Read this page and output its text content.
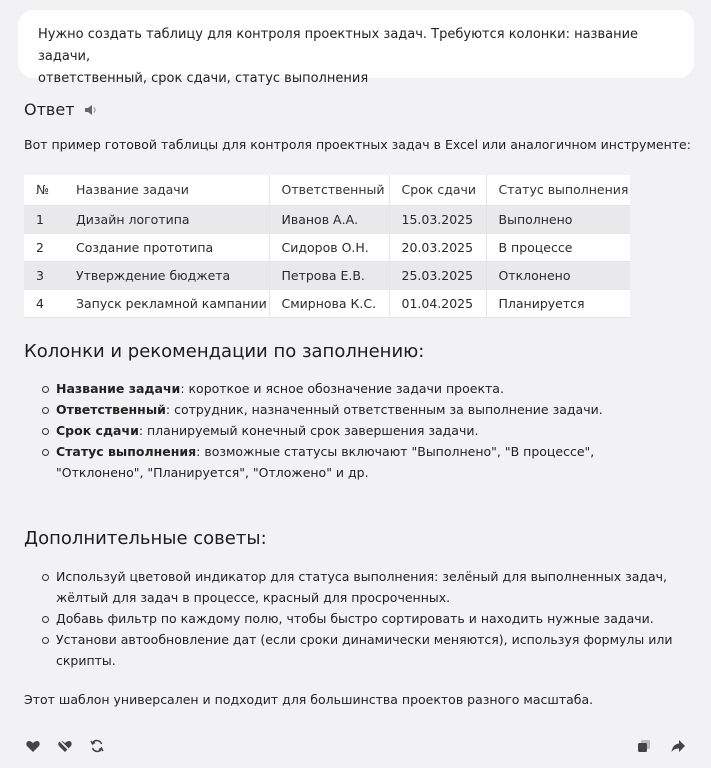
Нужно создать таблицу для контроля проектных задач. Требуются колонки: название задачи,
ответственный, срок сдачи, статус выполнения
Ответ
Вот пример готовой таблицы для контроля проектных задач в Excel или аналогичном инструменте:
№	Название задачи	Ответственный	Срок сдачи	Статус выполнения
1	Дизайн логотипа	Иванов А.А.	15.03.2025	Выполнено
2	Создание прототипа	Сидоров О.Н.	20.03.2025	В процессе
3	Утверждение бюджета	Петрова Е.В.	25.03.2025	Отклонено
4	Запуск рекламной кампании	Смирнова К.С.	01.04.2025	Планируется
Колонки и рекомендации по заполнению:
Название задачи: короткое и ясное обозначение задачи проекта.
Ответственный: сотрудник, назначенный ответственным за выполнение задачи.
Срок сдачи: планируемый конечный срок завершения задачи.
Статус выполнения: возможные статусы включают "Выполнено", "В процессе", "Отклонено", "Планируется", "Отложено" и др.
Дополнительные советы:
Используй цветовой индикатор для статуса выполнения: зелёный для выполненных задач, жёлтый для задач в процессе, красный для просроченных.
Добавь фильтр по каждому полю, чтобы быстро сортировать и находить нужные задачи.
Установи автообновление дат (если сроки динамически меняются), используя формулы или скрипты.
Этот шаблон универсален и подходит для большинства проектов разного масштаба.
